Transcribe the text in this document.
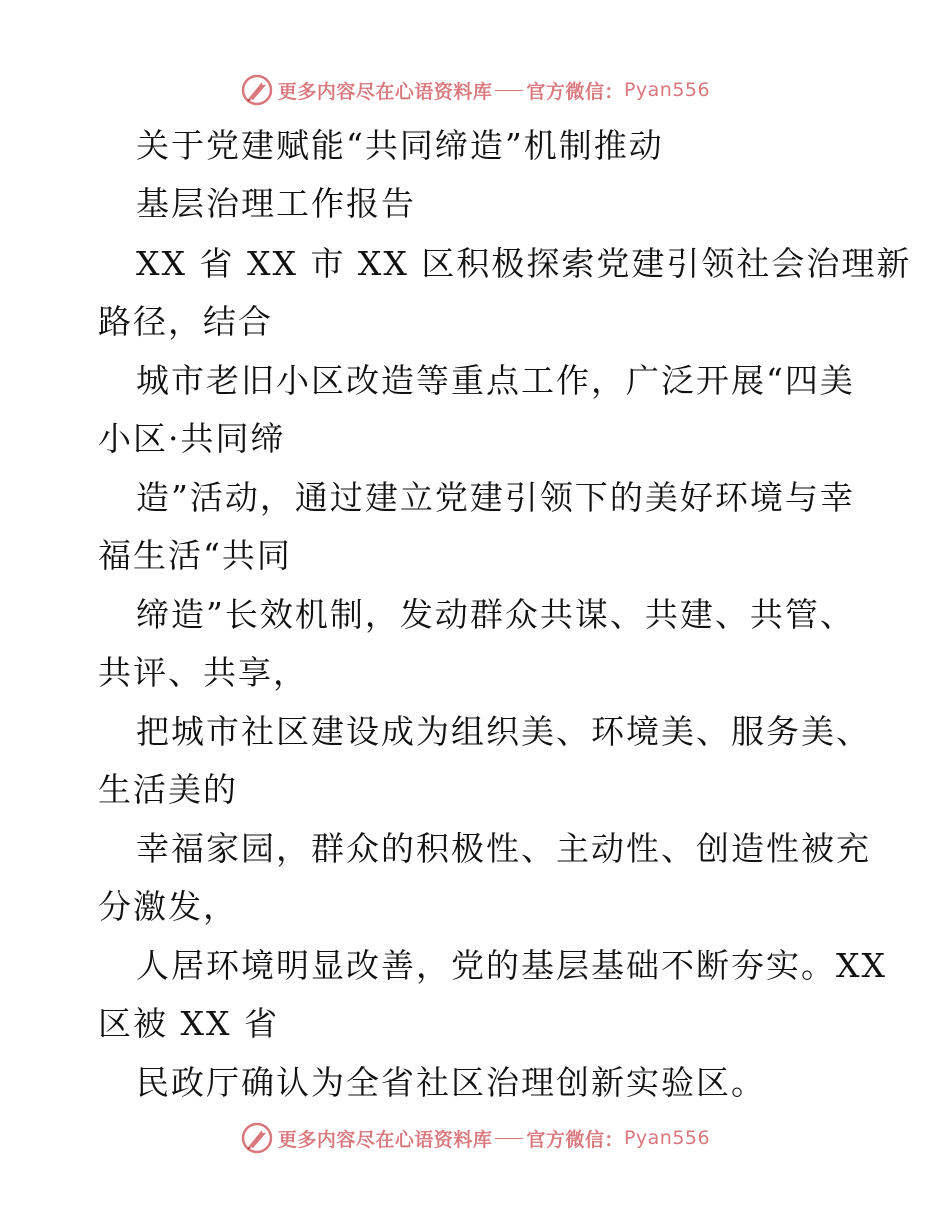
更多内容尽在心语资料库 官方微信： Pyan556
关于党建赋能“共同缔造”机制推动
基层治理工作报告
XX 省 XX 市 XX 区积极探索党建引领社会治理新
路径，结合
城市老旧小区改造等重点工作，广泛开展“四美
小区·共同缔
造”活动，通过建立党建引领下的美好环境与幸
福生活“共同
缔造”长效机制，发动群众共谋、共建、共管、
共评、共享，
把城市社区建设成为组织美、环境美、服务美、
生活美的
幸福家园，群众的积极性、主动性、创造性被充
分激发，
人居环境明显改善，党的基层基础不断夯实。XX
区被 XX 省
民政厅确认为全省社区治理创新实验区。
更多内容尽在心语资料库 官方微信： Pyan556
